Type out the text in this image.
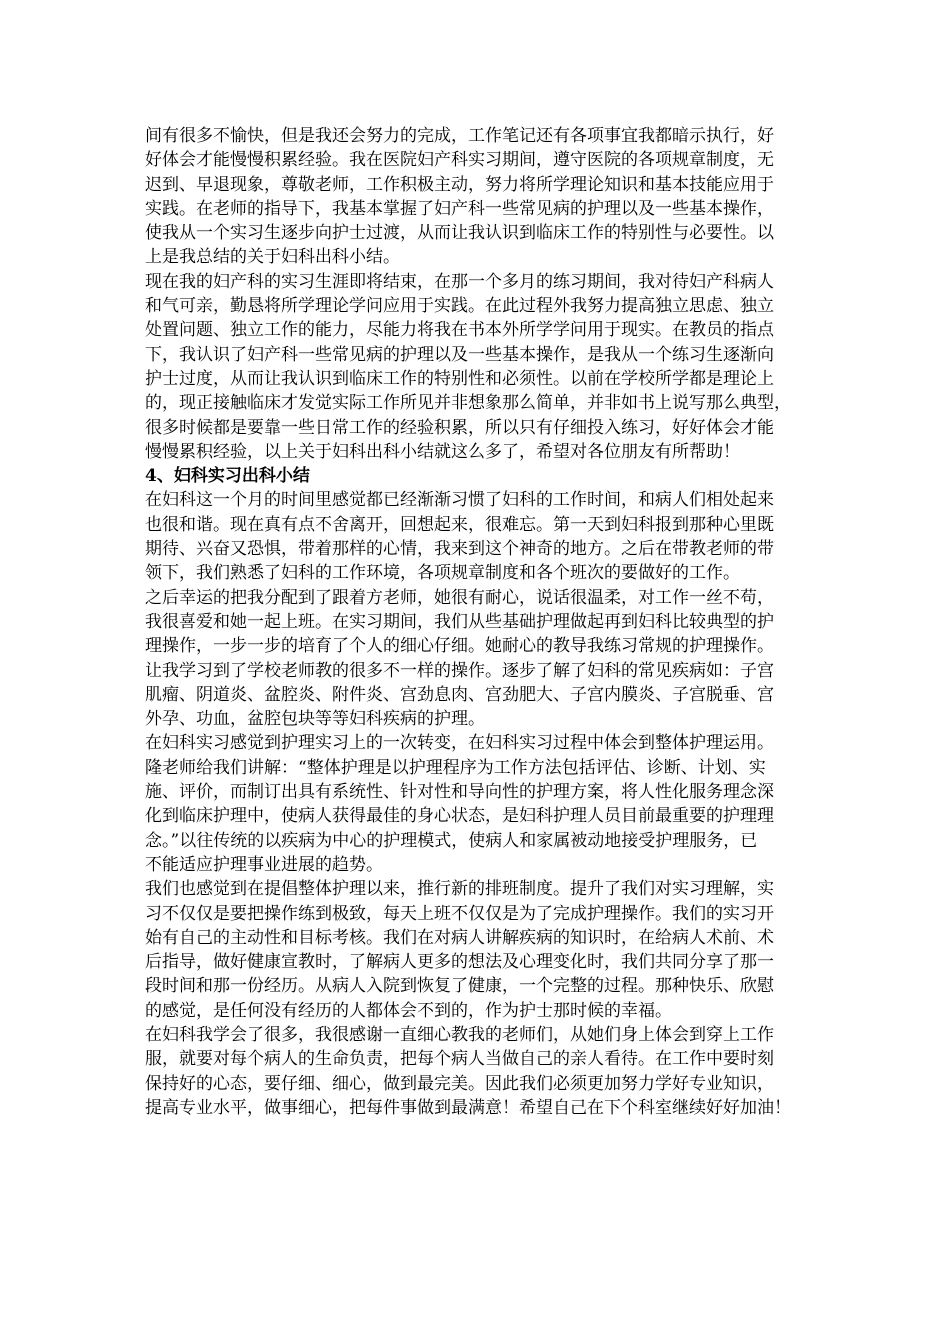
间有很多不愉快，但是我还会努力的完成，工作笔记还有各项事宜我都暗示执行，好
好体会才能慢慢积累经验。我在医院妇产科实习期间，遵守医院的各项规章制度，无
迟到、早退现象，尊敬老师，工作积极主动，努力将所学理论知识和基本技能应用于
实践。在老师的指导下，我基本掌握了妇产科一些常见病的护理以及一些基本操作，
使我从一个实习生逐步向护士过渡，从而让我认识到临床工作的特别性与必要性。以
上是我总结的关于妇科出科小结。
现在我的妇产科的实习生涯即将结束，在那一个多月的练习期间，我对待妇产科病人
和气可亲，勤恳将所学理论学问应用于实践。在此过程外我努力提高独立思虑、独立
处置问题、独立工作的能力，尽能力将我在书本外所学学问用于现实。在教员的指点
下，我认识了妇产科一些常见病的护理以及一些基本操作，是我从一个练习生逐渐向
护士过度，从而让我认识到临床工作的特别性和必须性。以前在学校所学都是理论上
的，现正接触临床才发觉实际工作所见并非想象那么简单，并非如书上说写那么典型，
很多时候都是要靠一些日常工作的经验积累，所以只有仔细投入练习，好好体会才能
慢慢累积经验，以上关于妇科出科小结就这么多了，希望对各位朋友有所帮助！
4、妇科实习出科小结
在妇科这一个月的时间里感觉都已经渐渐习惯了妇科的工作时间，和病人们相处起来
也很和谐。现在真有点不舍离开，回想起来，很难忘。第一天到妇科报到那种心里既
期待、兴奋又恐惧，带着那样的心情，我来到这个神奇的地方。之后在带教老师的带
领下，我们熟悉了妇科的工作环境，各项规章制度和各个班次的要做好的工作。
之后幸运的把我分配到了跟着方老师，她很有耐心，说话很温柔，对工作一丝不苟，
我很喜爱和她一起上班。在实习期间，我们从些基础护理做起再到妇科比较典型的护
理操作，一步一步的培育了个人的细心仔细。她耐心的教导我练习常规的护理操作。
让我学习到了学校老师教的很多不一样的操作。逐步了解了妇科的常见疾病如：子宫
肌瘤、阴道炎、盆腔炎、附件炎、宫劲息肉、宫劲肥大、子宫内膜炎、子宫脱垂、宫
外孕、功血，盆腔包块等等妇科疾病的护理。
在妇科实习感觉到护理实习上的一次转变，在妇科实习过程中体会到整体护理运用。
隆老师给我们讲解：“整体护理是以护理程序为工作方法包括评估、诊断、计划、实
施、评价，而制订出具有系统性、针对性和导向性的护理方案，将人性化服务理念深
化到临床护理中，使病人获得最佳的身心状态，是妇科护理人员目前最重要的护理理
念。”以往传统的以疾病为中心的护理模式，使病人和家属被动地接受护理服务，已
不能适应护理事业进展的趋势。
我们也感觉到在提倡整体护理以来，推行新的排班制度。提升了我们对实习理解，实
习不仅仅是要把操作练到极致，每天上班不仅仅是为了完成护理操作。我们的实习开
始有自己的主动性和目标考核。我们在对病人讲解疾病的知识时，在给病人术前、术
后指导，做好健康宣教时，了解病人更多的想法及心理变化时，我们共同分享了那一
段时间和那一份经历。从病人入院到恢复了健康，一个完整的过程。那种快乐、欣慰
的感觉，是任何没有经历的人都体会不到的，作为护士那时候的幸福。
在妇科我学会了很多，我很感谢一直细心教我的老师们，从她们身上体会到穿上工作
服，就要对每个病人的生命负责，把每个病人当做自己的亲人看待。在工作中要时刻
保持好的心态，要仔细、细心，做到最完美。因此我们必须更加努力学好专业知识，
提高专业水平，做事细心，把每件事做到最满意！希望自己在下个科室继续好好加油！
